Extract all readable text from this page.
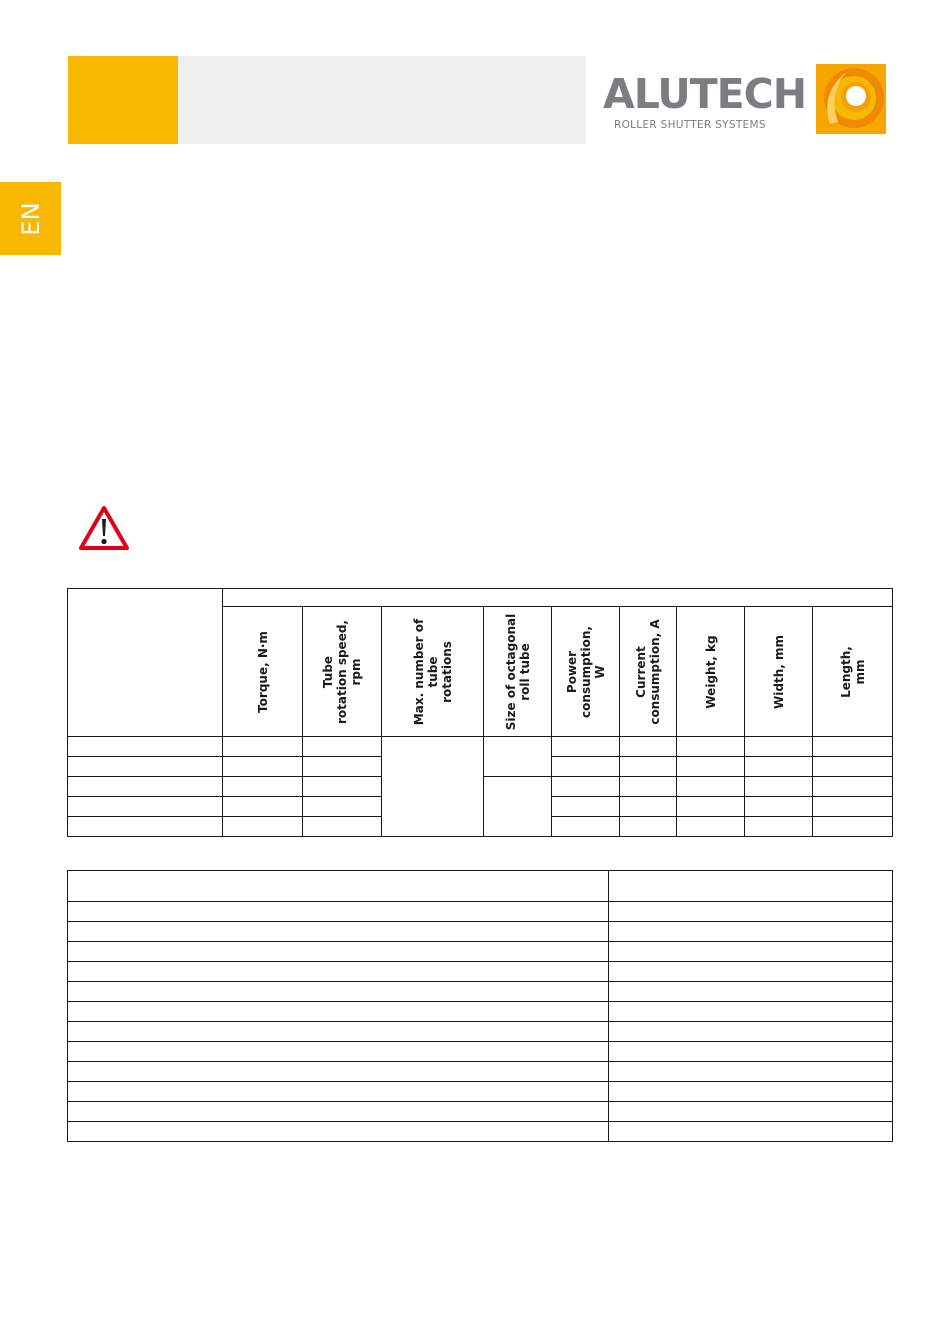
ALUTECH
ROLLER SHUTTER SYSTEMS
EN

	Torque, N·m	Tube
rotation speed,
rpm	Max. number of
tube
rotations	Size of octagonal
roll tube	Power
consumption,
W	Current
consumption, A	Weight, kg	Width, mm	Length,
mm
